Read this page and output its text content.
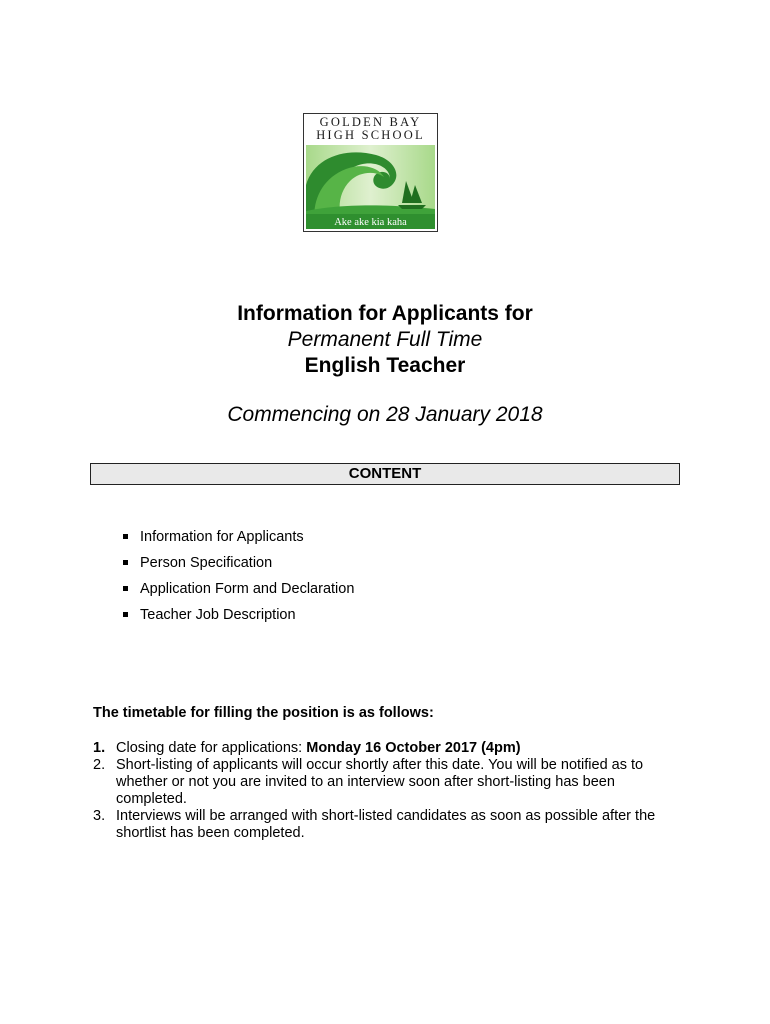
GOLDEN BAY
HIGH SCHOOL
Ake ake kia kaha
Information for Applicants for
Permanent Full Time
English Teacher
Commencing on 28 January 2018
CONTENT
Information for Applicants
Person Specification
Application Form and Declaration
Teacher Job Description
The timetable for filling the position is as follows:
1. Closing date for applications: Monday 16 October 2017 (4pm)
2. Short-listing of applicants will occur shortly after this date. You will be notified as to whether or not you are invited to an interview soon after short-listing has been completed.
3. Interviews will be arranged with short-listed candidates as soon as possible after the shortlist has been completed.
